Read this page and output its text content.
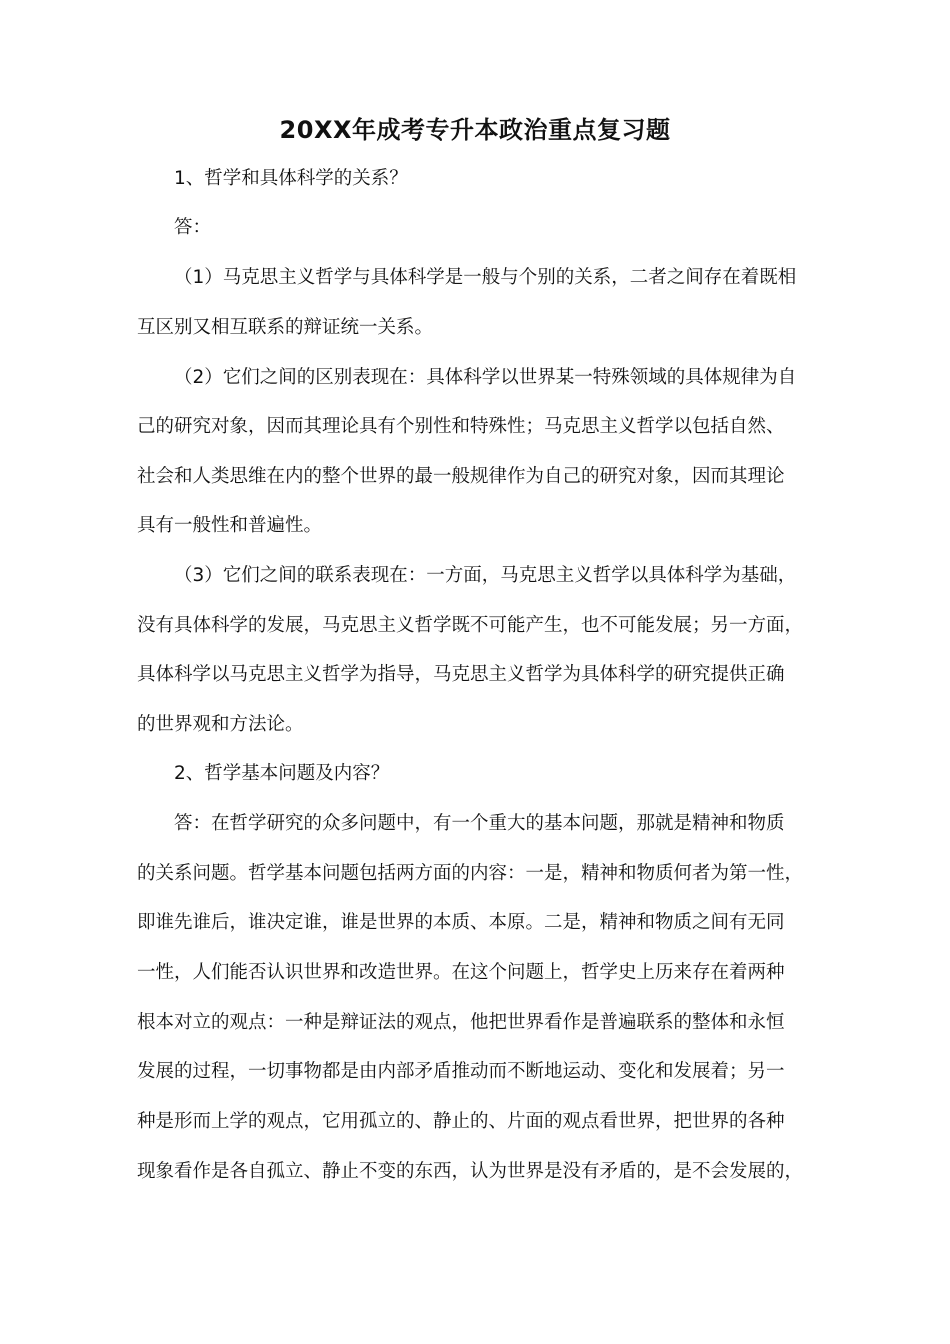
20XX年成考专升本政治重点复习题
1、哲学和具体科学的关系？
答：
（1）马克思主义哲学与具体科学是一般与个别的关系，二者之间存在着既相
互区别又相互联系的辩证统一关系。
（2）它们之间的区别表现在：具体科学以世界某一特殊领域的具体规律为自
己的研究对象，因而其理论具有个别性和特殊性；马克思主义哲学以包括自然、
社会和人类思维在内的整个世界的最一般规律作为自己的研究对象，因而其理论
具有一般性和普遍性。
（3）它们之间的联系表现在：一方面，马克思主义哲学以具体科学为基础，
没有具体科学的发展，马克思主义哲学既不可能产生，也不可能发展；另一方面，
具体科学以马克思主义哲学为指导，马克思主义哲学为具体科学的研究提供正确
的世界观和方法论。
2、哲学基本问题及内容？
答：在哲学研究的众多问题中，有一个重大的基本问题，那就是精神和物质
的关系问题。哲学基本问题包括两方面的内容：一是，精神和物质何者为第一性，
即谁先谁后，谁决定谁，谁是世界的本质、本原。二是，精神和物质之间有无同
一性，人们能否认识世界和改造世界。在这个问题上，哲学史上历来存在着两种
根本对立的观点：一种是辩证法的观点，他把世界看作是普遍联系的整体和永恒
发展的过程，一切事物都是由内部矛盾推动而不断地运动、变化和发展着；另一
种是形而上学的观点，它用孤立的、静止的、片面的观点看世界，把世界的各种
现象看作是各自孤立、静止不变的东西，认为世界是没有矛盾的，是不会发展的，
